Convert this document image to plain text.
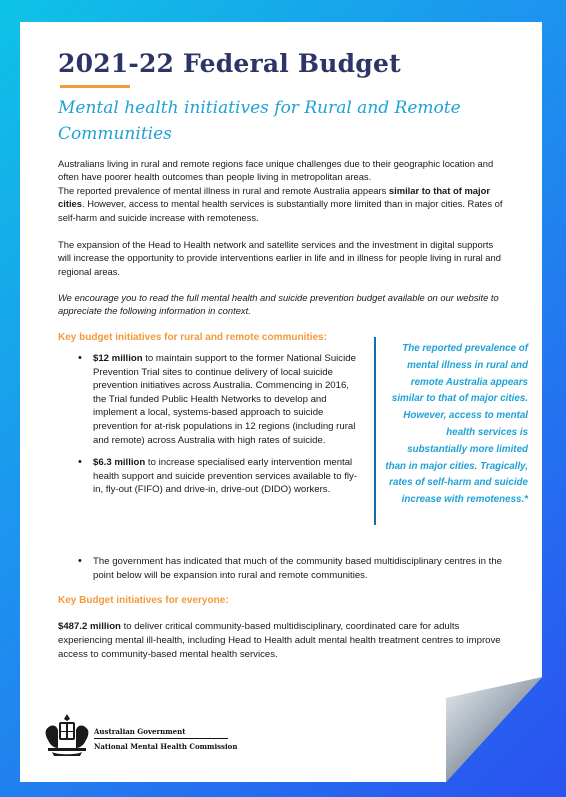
2021-22 Federal Budget
Mental health initiatives for Rural and Remote Communities
Australians living in rural and remote regions face unique challenges due to their geographic location and often have poorer health outcomes than people living in metropolitan areas.
The reported prevalence of mental illness in rural and remote Australia appears similar to that of major cities. However, access to mental health services is substantially more limited than in major cities. Rates of self-harm and suicide increase with remoteness.
The expansion of the Head to Health network and satellite services and the investment in digital supports will increase the opportunity to provide interventions earlier in life and in illness for people living in rural and regional areas.
We encourage you to read the full mental health and suicide prevention budget available on our website to appreciate the following information in context.
Key budget initiatives for rural and remote communities:
• $12 million to maintain support to the former National Suicide Prevention Trial sites to continue delivery of local suicide prevention initiatives across Australia. Commencing in 2016, the Trial funded Public Health Networks to develop and implement a local, systems-based approach to suicide prevention for at-risk populations in 12 regions (including rural and remote) across Australia with high rates of suicide.
• $6.3 million to increase specialised early intervention mental health support and suicide prevention services available to fly-in, fly-out (FIFO) and drive-in, drive-out (DIDO) workers.
The reported prevalence of mental illness in rural and remote Australia appears similar to that of major cities. However, access to mental health services is substantially more limited than in major cities. Tragically, rates of self-harm and suicide increase with remoteness.*
• The government has indicated that much of the community based multidisciplinary centres in the point below will be expansion into rural and remote communities.
Key Budget initiatives for everyone:
$487.2 million to deliver critical community-based multidisciplinary, coordinated care for adults experiencing mental ill-health, including Head to Health adult mental health treatment centres to improve access to community-based mental health services.
Australian Government
National Mental Health Commission
